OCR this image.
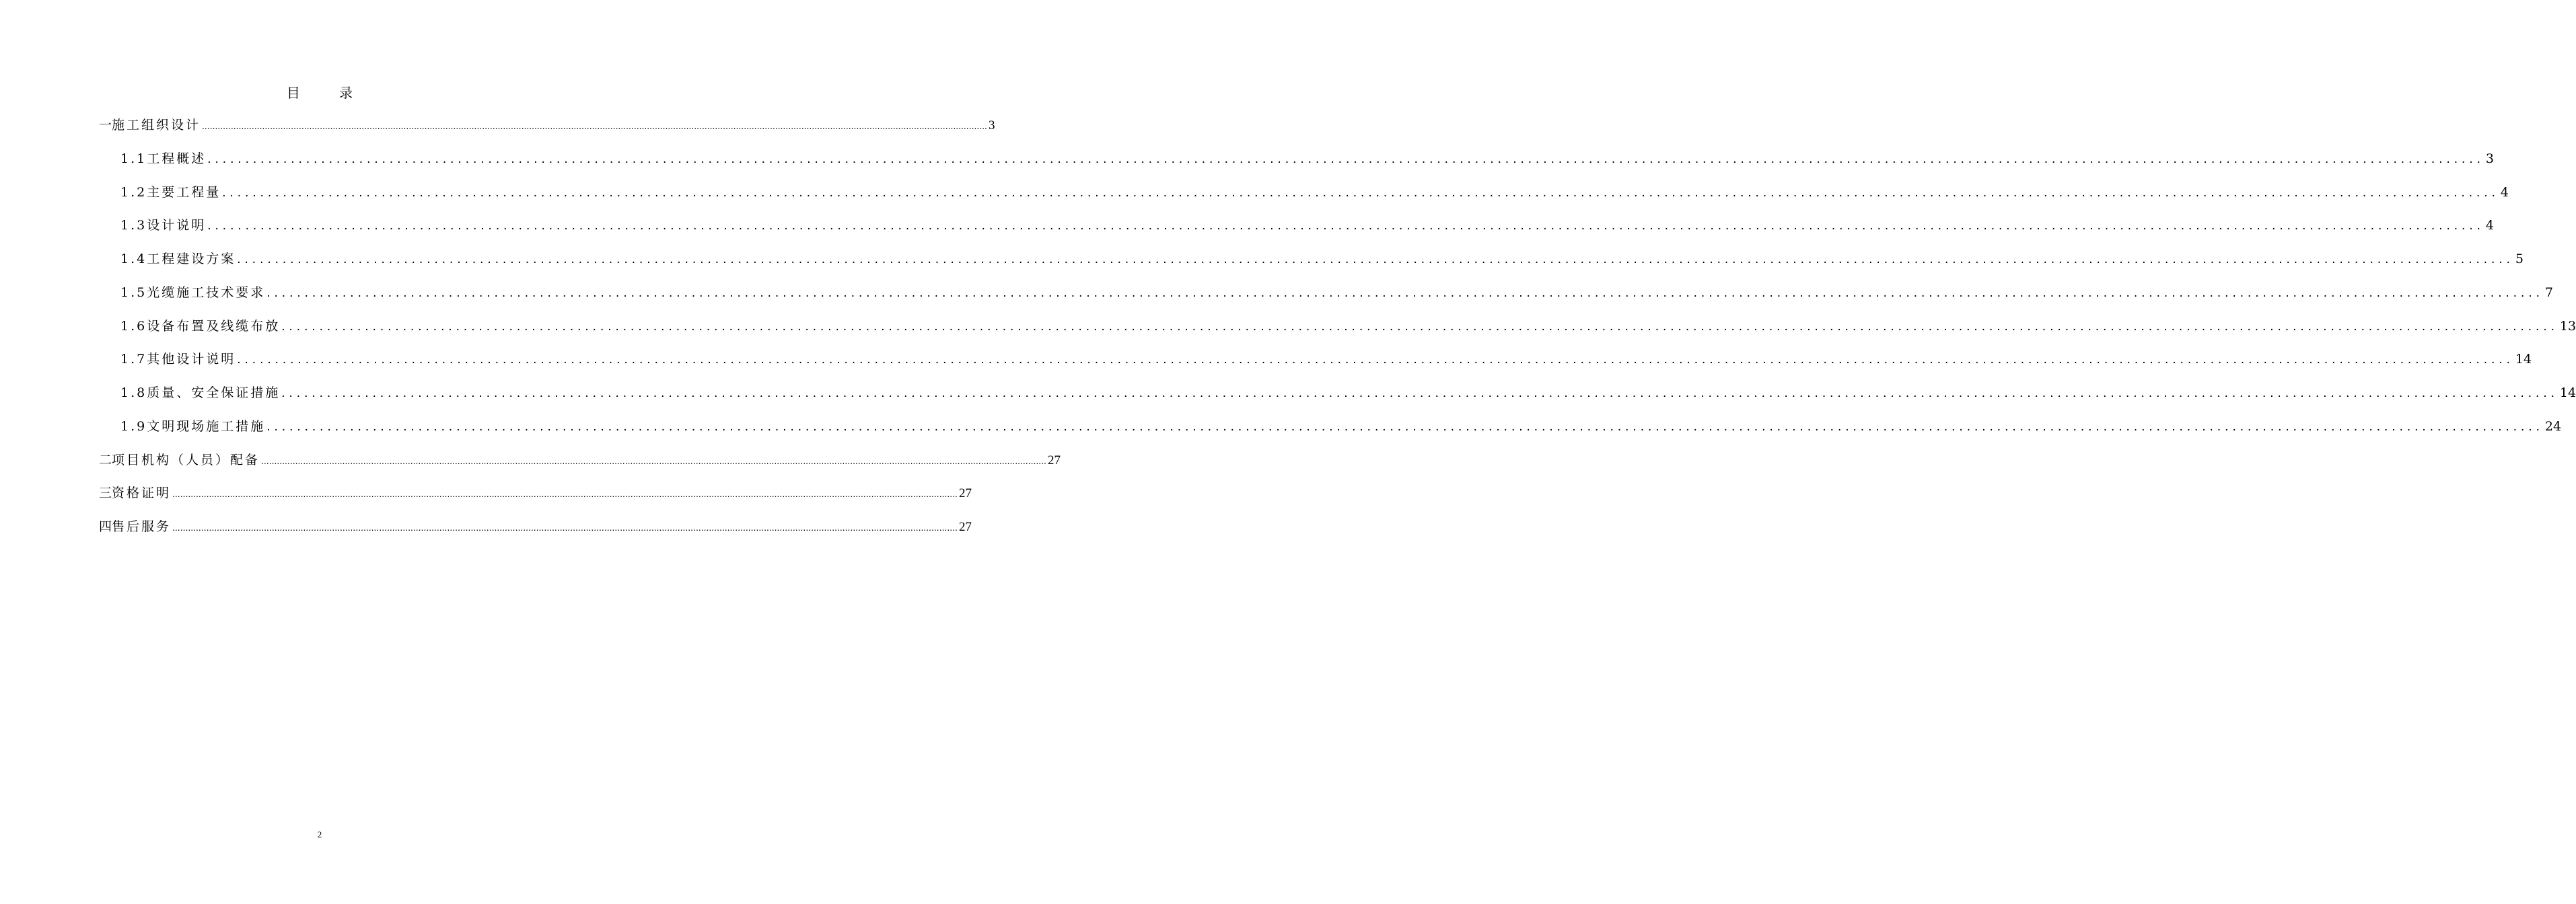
目 录
一 施工组织设计 ............................................................................................................................................................................................................................................................................................................ 3
1.1 工程概述 ............................................................................................................................................................................................................................................................................................................ 3
1.2 主要工程量 ............................................................................................................................................................................................................................................................................................................ 4
1.3 设计说明 ............................................................................................................................................................................................................................................................................................................ 4
1.4 工程建设方案 ............................................................................................................................................................................................................................................................................................................ 5
1.5 光缆施工技术要求 ............................................................................................................................................................................................................................................................................................................ 7
1.6 设备布置及线缆布放 ............................................................................................................................................................................................................................................................................................................ 13
1.7 其他设计说明 ............................................................................................................................................................................................................................................................................................................ 14
1.8 质量、安全保证措施 ............................................................................................................................................................................................................................................................................................................ 14
1.9 文明现场施工措施 ............................................................................................................................................................................................................................................................................................................ 24
二 项目机构（人员）配备 ............................................................................................................................................................................................................................................................................................................ 27
三 资格证明 ............................................................................................................................................................................................................................................................................................................ 27
四 售后服务 ............................................................................................................................................................................................................................................................................................................ 27
2
